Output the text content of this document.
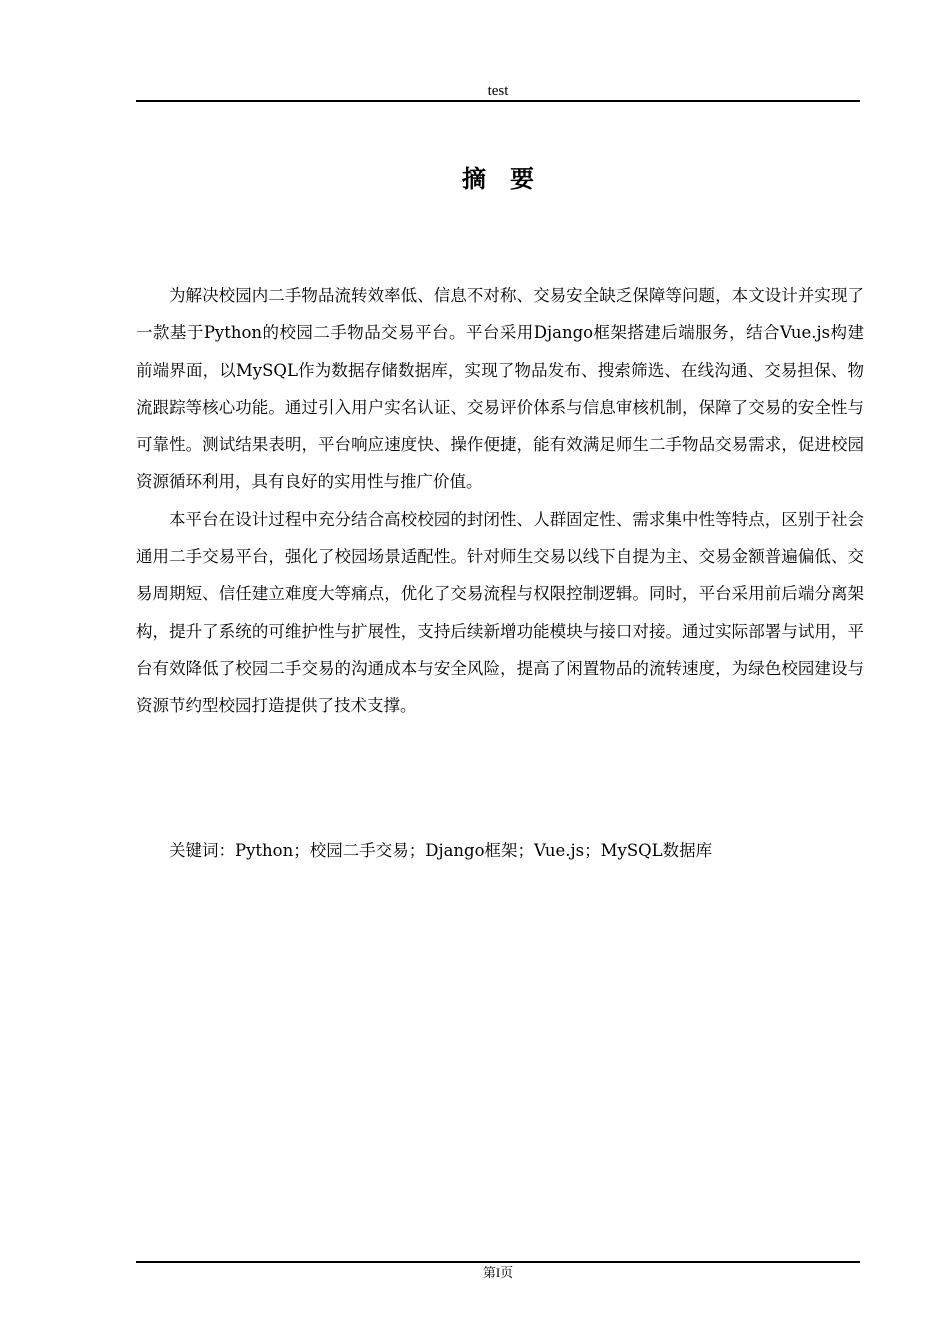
test
摘要

为解决校园内二手物品流转效率低、信息不对称、交易安全缺乏保障等问题，本文设计并实现了一款基于Python的校园二手物品交易平台。平台采用Django框架搭建后端服务，结合Vue.js构建前端界面，以MySQL作为数据存储数据库，实现了物品发布、搜索筛选、在线沟通、交易担保、物流跟踪等核心功能。通过引入用户实名认证、交易评价体系与信息审核机制，保障了交易的安全性与可靠性。测试结果表明，平台响应速度快、操作便捷，能有效满足师生二手物品交易需求，促进校园资源循环利用，具有良好的实用性与推广价值。

本平台在设计过程中充分结合高校校园的封闭性、人群固定性、需求集中性等特点，区别于社会通用二手交易平台，强化了校园场景适配性。针对师生交易以线下自提为主、交易金额普遍偏低、交易周期短、信任建立难度大等痛点，优化了交易流程与权限控制逻辑。同时，平台采用前后端分离架构，提升了系统的可维护性与扩展性，支持后续新增功能模块与接口对接。通过实际部署与试用，平台有效降低了校园二手交易的沟通成本与安全风险，提高了闲置物品的流转速度，为绿色校园建设与资源节约型校园打造提供了技术支撑。

关键词：Python；校园二手交易；Django框架；Vue.js；MySQL数据库
第I页
